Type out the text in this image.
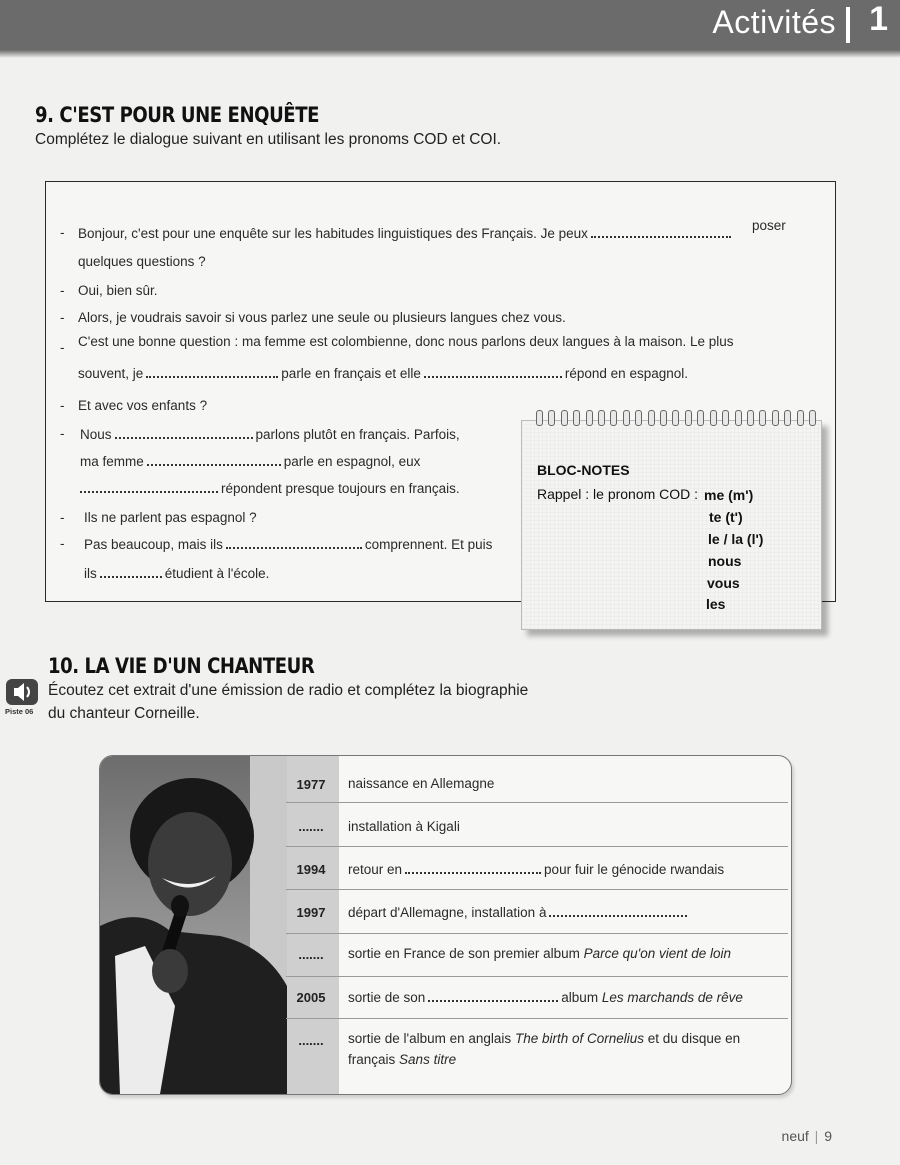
Activités 1
9. C'EST POUR UNE ENQUÊTE
Complétez le dialogue suivant en utilisant les pronoms COD et COI.
- Bonjour, c'est pour une enquête sur les habitudes linguistiques des Français. Je peux
poser
quelques questions ?
- Oui, bien sûr.
- Alors, je voudrais savoir si vous parlez une seule ou plusieurs langues chez vous.
- C'est une bonne question : ma femme est colombienne, donc nous parlons deux langues à la maison. Le plus
souvent, je	parle en français et elle	répond en espagnol.
- Et avec vos enfants ?
- Nous	parlons plutôt en français. Parfois,
ma femme	parle en espagnol, eux
répondent presque toujours en français.
- Ils ne parlent pas espagnol ?
- Pas beaucoup, mais ils	comprennent. Et puis
ils	étudient à l'école.
BLOC-NOTES
Rappel : le pronom COD : me (m')
te (t')
le / la (l')
nous
vous
les
10. LA VIE D'UN CHANTEUR
Piste 06
Écoutez cet extrait d'une émission de radio et complétez la biographie
du chanteur Corneille.
1977	naissance en Allemagne
.......	installation à Kigali
1994	retour en	pour fuir le génocide rwandais
1997	départ d'Allemagne, installation à
.......	sortie en France de son premier album Parce qu'on vient de loin
2005	sortie de son	album Les marchands de rêve
.......	sortie de l'album en anglais The birth of Cornelius et du disque en
français Sans titre
neuf | 9
